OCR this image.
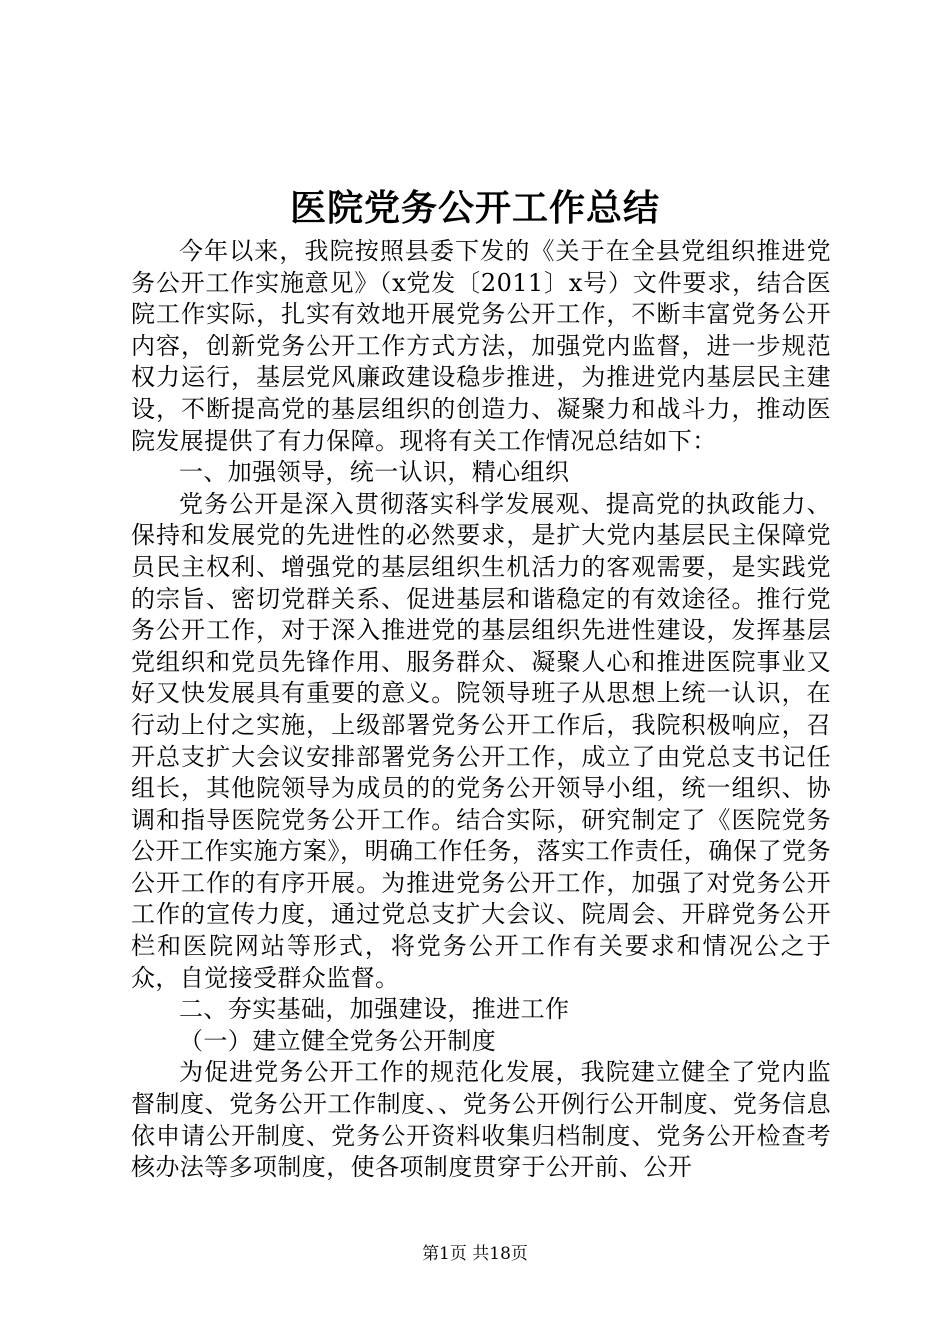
医院党务公开工作总结

今年以来，我院按照县委下发的《关于在全县党组织推进党务公开工作实施意见》（x党发〔2011〕x号）文件要求，结合医院工作实际，扎实有效地开展党务公开工作，不断丰富党务公开内容，创新党务公开工作方式方法，加强党内监督，进一步规范权力运行，基层党风廉政建设稳步推进，为推进党内基层民主建设，不断提高党的基层组织的创造力、凝聚力和战斗力，推动医院发展提供了有力保障。现将有关工作情况总结如下：

一、加强领导，统一认识，精心组织

党务公开是深入贯彻落实科学发展观、提高党的执政能力、保持和发展党的先进性的必然要求，是扩大党内基层民主保障党员民主权利、增强党的基层组织生机活力的客观需要，是实践党的宗旨、密切党群关系、促进基层和谐稳定的有效途径。推行党务公开工作，对于深入推进党的基层组织先进性建设，发挥基层党组织和党员先锋作用、服务群众、凝聚人心和推进医院事业又好又快发展具有重要的意义。院领导班子从思想上统一认识，在行动上付之实施，上级部署党务公开工作后，我院积极响应，召开总支扩大会议安排部署党务公开工作，成立了由党总支书记任组长，其他院领导为成员的的党务公开领导小组，统一组织、协调和指导医院党务公开工作。结合实际，研究制定了《医院党务公开工作实施方案》，明确工作任务，落实工作责任，确保了党务公开工作的有序开展。为推进党务公开工作，加强了对党务公开工作的宣传力度，通过党总支扩大会议、院周会、开辟党务公开栏和医院网站等形式，将党务公开工作有关要求和情况公之于众，自觉接受群众监督。

二、夯实基础，加强建设，推进工作

（一）建立健全党务公开制度

为促进党务公开工作的规范化发展，我院建立健全了党内监督制度、党务公开工作制度、、党务公开例行公开制度、党务信息依申请公开制度、党务公开资料收集归档制度、党务公开检查考核办法等多项制度，使各项制度贯穿于公开前、公开

第1页 共18页
